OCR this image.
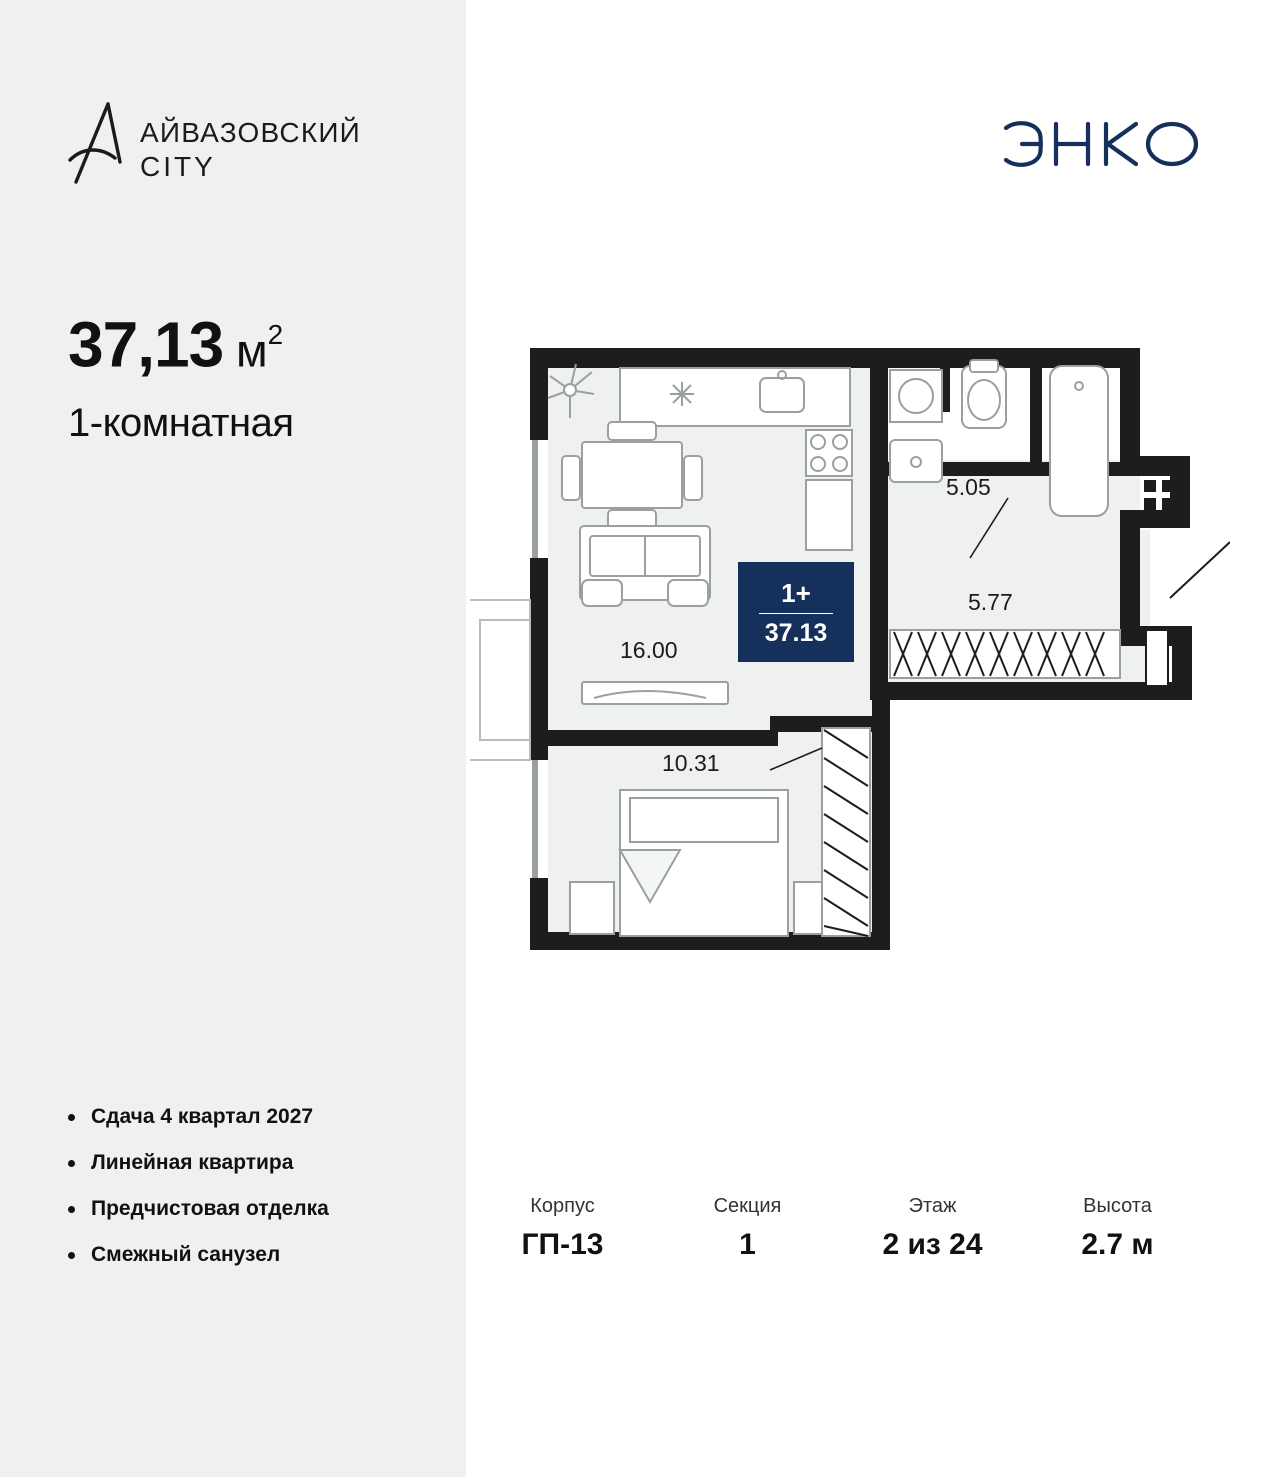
АЙВАЗОВСКИЙ
CITY
37,13 $м^2$
1-комнатная
Сдача 4 квартал 2027
Линейная квартира
Предчистовая отделка
Смежный санузел
16.00
10.31
5.05
5.77
1+
37.13
Корпус
ГП-13
Секция
1
Этаж
2 из 24
Высота
2.7 м
